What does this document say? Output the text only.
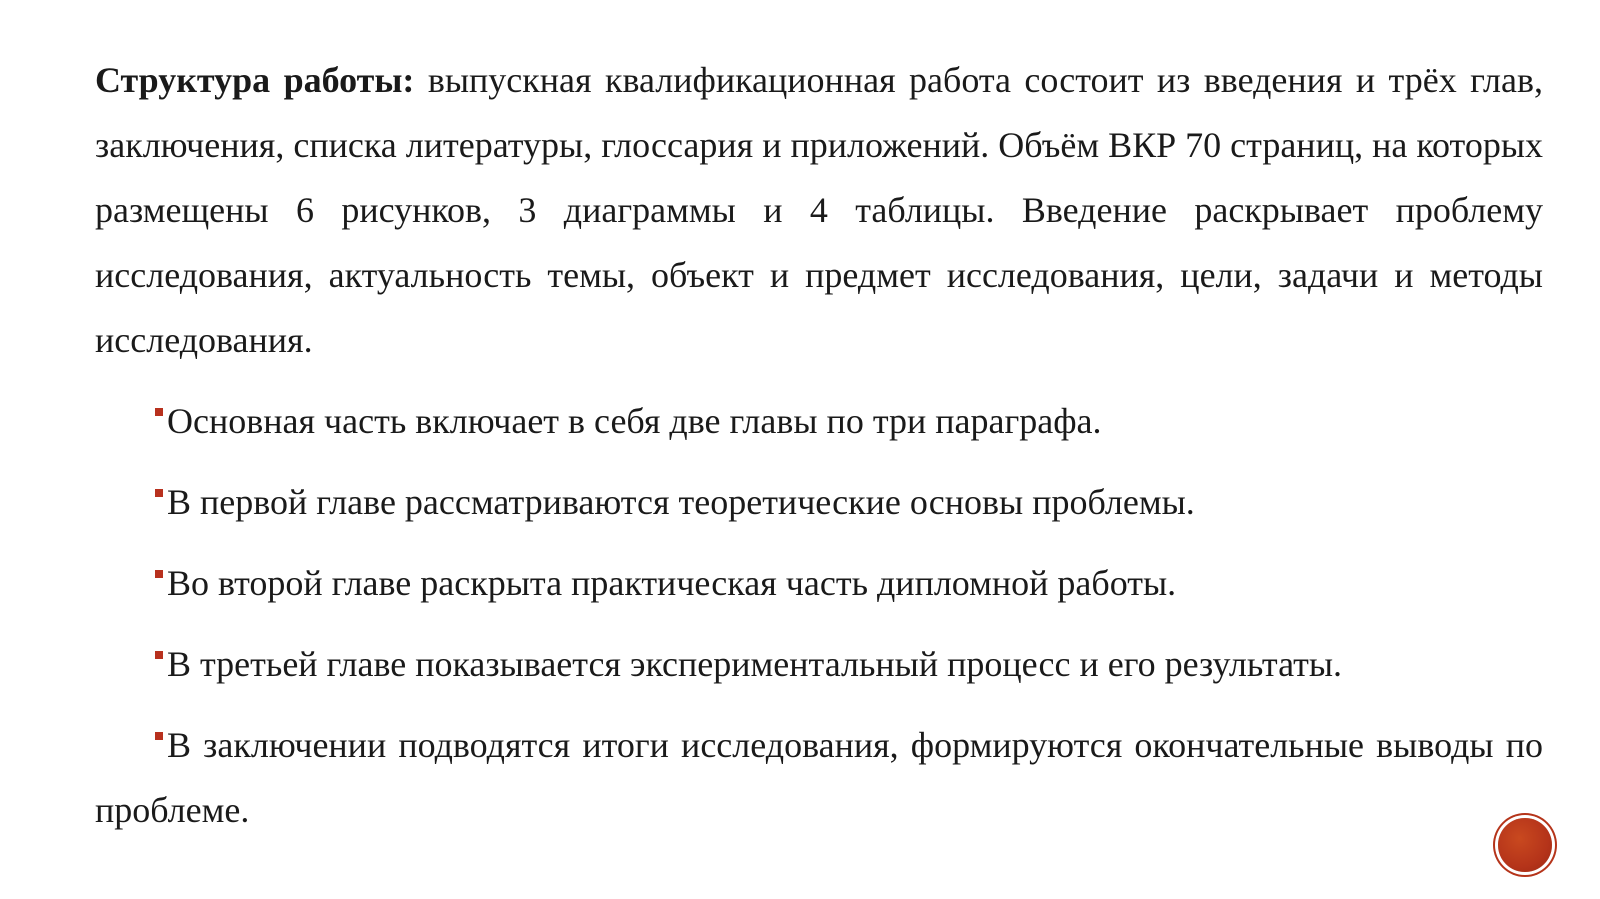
Структура работы: выпускная квалификационная работа состоит из введения и трёх глав, заключения, списка литературы, глоссария и приложений. Объём ВКР 70 страниц, на которых размещены 6 рисунков, 3 диаграммы и 4 таблицы. Введение раскрывает проблему исследования, актуальность темы, объект и предмет исследования, цели, задачи и методы исследования.

Основная часть включает в себя две главы по три параграфа.

В первой главе рассматриваются теоретические основы проблемы.

Во второй главе раскрыта практическая часть дипломной работы.

В третьей главе показывается экспериментальный процесс и его результаты.

В заключении подводятся итоги исследования, формируются окончательные выводы по проблеме.
